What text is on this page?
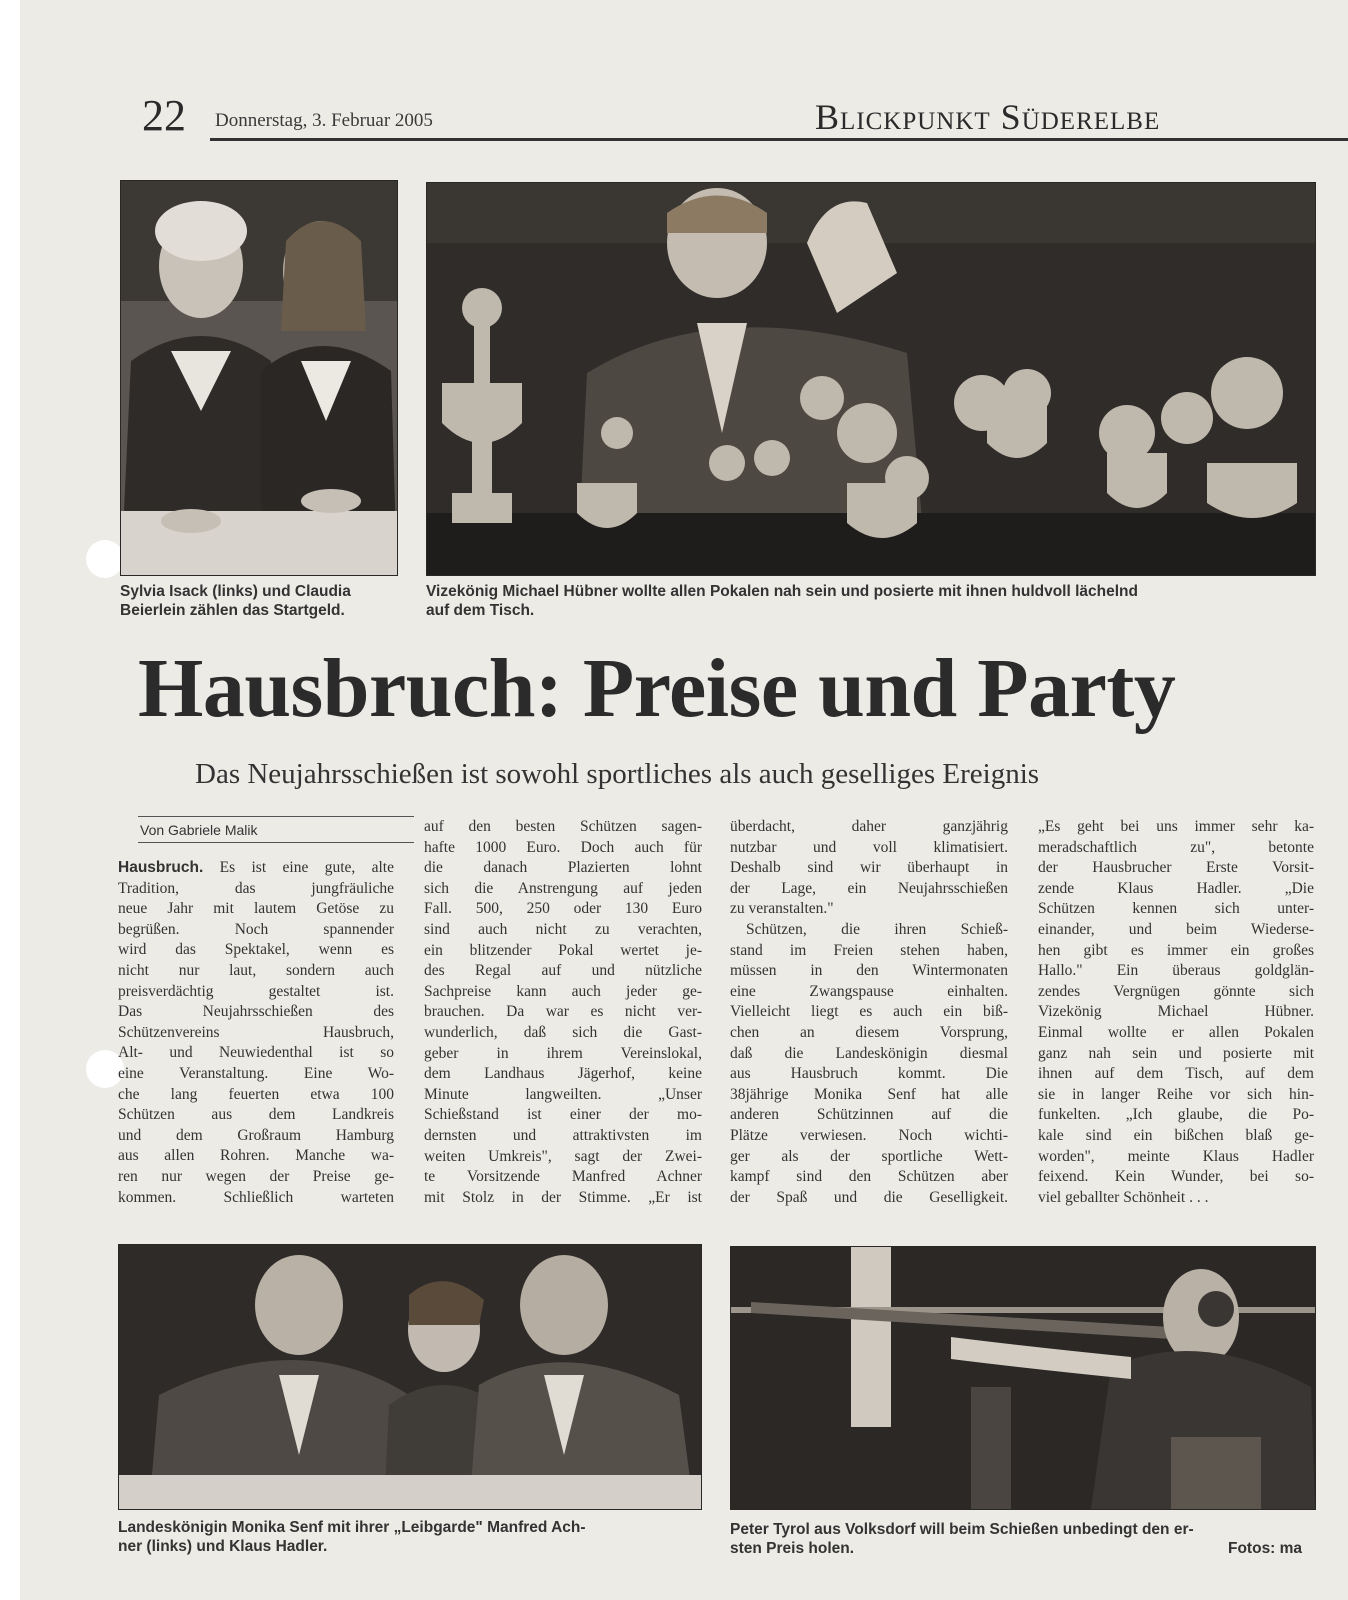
22 Donnerstag, 3. Februar 2005	Blickpunkt Süderelbe
Sylvia Isack (links) und Claudia
Beierlein zählen das Startgeld.
Vizekönig Michael Hübner wollte allen Pokalen nah sein und posierte mit ihnen huldvoll lächelnd
auf dem Tisch.
Hausbruch: Preise und Party
Das Neujahrsschießen ist sowohl sportliches als auch geselliges Ereignis
Von Gabriele Malik
Hausbruch. Es ist eine gute, alte
Tradition, das jungfräuliche
neue Jahr mit lautem Getöse zu
begrüßen. Noch spannender
wird das Spektakel, wenn es
nicht nur laut, sondern auch
preisverdächtig gestaltet ist.
Das Neujahrsschießen des
Schützenvereins Hausbruch,
Alt- und Neuwiedenthal ist so
eine Veranstaltung. Eine Wo-
che lang feuerten etwa 100
Schützen aus dem Landkreis
und dem Großraum Hamburg
aus allen Rohren. Manche wa-
ren nur wegen der Preise ge-
kommen. Schließlich warteten
auf den besten Schützen sagen-
hafte 1000 Euro. Doch auch für
die danach Plazierten lohnt
sich die Anstrengung auf jeden
Fall. 500, 250 oder 130 Euro
sind auch nicht zu verachten,
ein blitzender Pokal wertet je-
des Regal auf und nützliche
Sachpreise kann auch jeder ge-
brauchen. Da war es nicht ver-
wunderlich, daß sich die Gast-
geber in ihrem Vereinslokal,
dem Landhaus Jägerhof, keine
Minute langweilten. „Unser
Schießstand ist einer der mo-
dernsten und attraktivsten im
weiten Umkreis", sagt der Zwei-
te Vorsitzende Manfred Achner
mit Stolz in der Stimme. „Er ist
überdacht, daher ganzjährig
nutzbar und voll klimatisiert.
Deshalb sind wir überhaupt in
der Lage, ein Neujahrsschießen
zu veranstalten."
Schützen, die ihren Schieß-
stand im Freien stehen haben,
müssen in den Wintermonaten
eine Zwangspause einhalten.
Vielleicht liegt es auch ein biß-
chen an diesem Vorsprung,
daß die Landeskönigin diesmal
aus Hausbruch kommt. Die
38jährige Monika Senf hat alle
anderen Schützinnen auf die
Plätze verwiesen. Noch wichti-
ger als der sportliche Wett-
kampf sind den Schützen aber
der Spaß und die Geselligkeit.
„Es geht bei uns immer sehr ka-
meradschaftlich zu", betonte
der Hausbrucher Erste Vorsit-
zende Klaus Hadler. „Die
Schützen kennen sich unter-
einander, und beim Wiederse-
hen gibt es immer ein großes
Hallo." Ein überaus goldglän-
zendes Vergnügen gönnte sich
Vizekönig Michael Hübner.
Einmal wollte er allen Pokalen
ganz nah sein und posierte mit
ihnen auf dem Tisch, auf dem
sie in langer Reihe vor sich hin-
funkelten. „Ich glaube, die Po-
kale sind ein bißchen blaß ge-
worden", meinte Klaus Hadler
feixend. Kein Wunder, bei so-
viel geballter Schönheit . . .
Landeskönigin Monika Senf mit ihrer „Leibgarde" Manfred Ach-
ner (links) und Klaus Hadler.
Peter Tyrol aus Volksdorf will beim Schießen unbedingt den er-
sten Preis holen.	Fotos: ma
